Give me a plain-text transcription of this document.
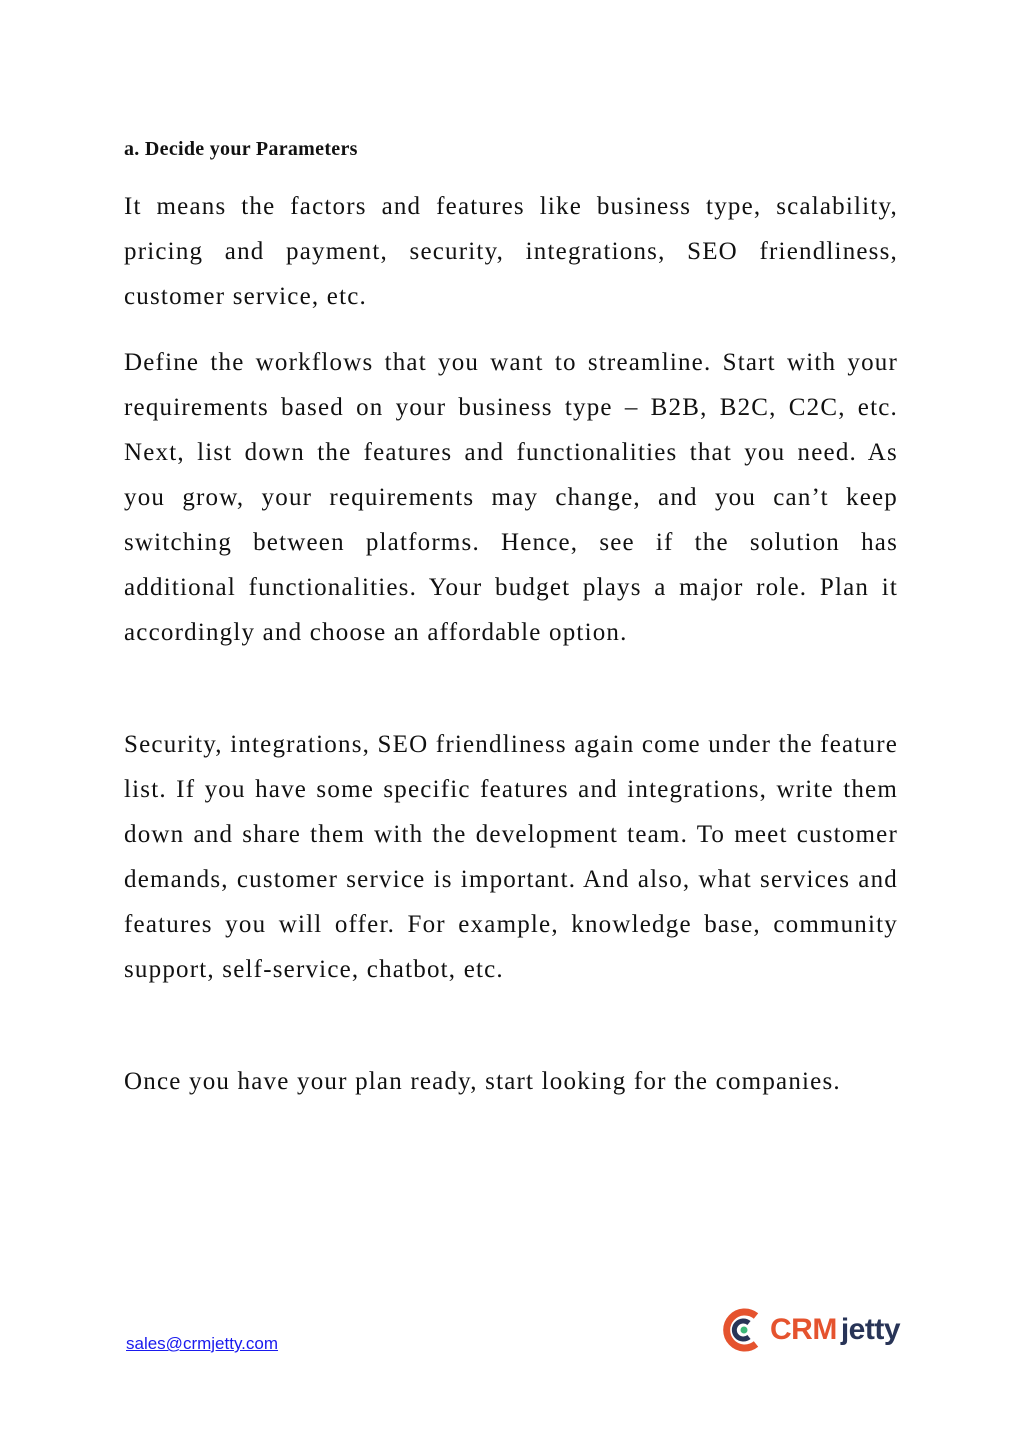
a. Decide your Parameters

It means the factors and features like business type, scalability, pricing and payment, security, integrations, SEO friendliness, customer service, etc.

Define the workflows that you want to streamline. Start with your requirements based on your business type – B2B, B2C, C2C, etc. Next, list down the features and functionalities that you need. As you grow, your requirements may change, and you can’t keep switching between platforms. Hence, see if the solution has additional functionalities. Your budget plays a major role. Plan it accordingly and choose an affordable option.

Security, integrations, SEO friendliness again come under the feature list. If you have some specific features and integrations, write them down and share them with the development team. To meet customer demands, customer service is important. And also, what services and features you will offer. For example, knowledge base, community support, self-service, chatbot, etc.

Once you have your plan ready, start looking for the companies.

sales@crmjetty.com	CRM jetty
